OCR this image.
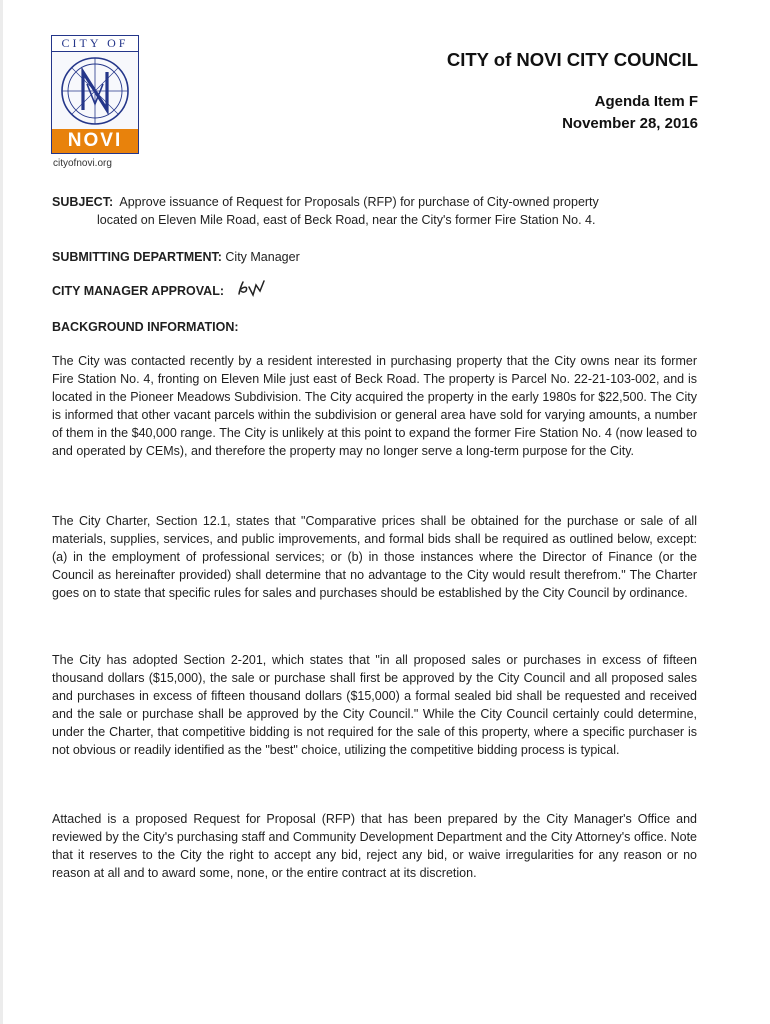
CITY OF
NOVI
cityofnovi.org
CITY of NOVI CITY COUNCIL
Agenda Item F
November 28, 2016
SUBJECT: Approve issuance of Request for Proposals (RFP) for purchase of City-owned property
located on Eleven Mile Road, east of Beck Road, near the City's former Fire Station No. 4.
SUBMITTING DEPARTMENT: City Manager
CITY MANAGER APPROVAL:
BACKGROUND INFORMATION:

The City was contacted recently by a resident interested in purchasing property that the City owns near its former Fire Station No. 4, fronting on Eleven Mile just east of Beck Road. The property is Parcel No. 22-21-103-002, and is located in the Pioneer Meadows Subdivision. The City acquired the property in the early 1980s for $22,500. The City is informed that other vacant parcels within the subdivision or general area have sold for varying amounts, a number of them in the $40,000 range. The City is unlikely at this point to expand the former Fire Station No. 4 (now leased to and operated by CEMs), and therefore the property may no longer serve a long-term purpose for the City.

The City Charter, Section 12.1, states that "Comparative prices shall be obtained for the purchase or sale of all materials, supplies, services, and public improvements, and formal bids shall be required as outlined below, except: (a) in the employment of professional services; or (b) in those instances where the Director of Finance (or the Council as hereinafter provided) shall determine that no advantage to the City would result therefrom." The Charter goes on to state that specific rules for sales and purchases should be established by the City Council by ordinance.

The City has adopted Section 2-201, which states that "in all proposed sales or purchases in excess of fifteen thousand dollars ($15,000), the sale or purchase shall first be approved by the City Council and all proposed sales and purchases in excess of fifteen thousand dollars ($15,000) a formal sealed bid shall be requested and received and the sale or purchase shall be approved by the City Council." While the City Council certainly could determine, under the Charter, that competitive bidding is not required for the sale of this property, where a specific purchaser is not obvious or readily identified as the "best" choice, utilizing the competitive bidding process is typical.

Attached is a proposed Request for Proposal (RFP) that has been prepared by the City Manager's Office and reviewed by the City's purchasing staff and Community Development Department and the City Attorney's office. Note that it reserves to the City the right to accept any bid, reject any bid, or waive irregularities for any reason or no reason at all and to award some, none, or the entire contract at its discretion.
